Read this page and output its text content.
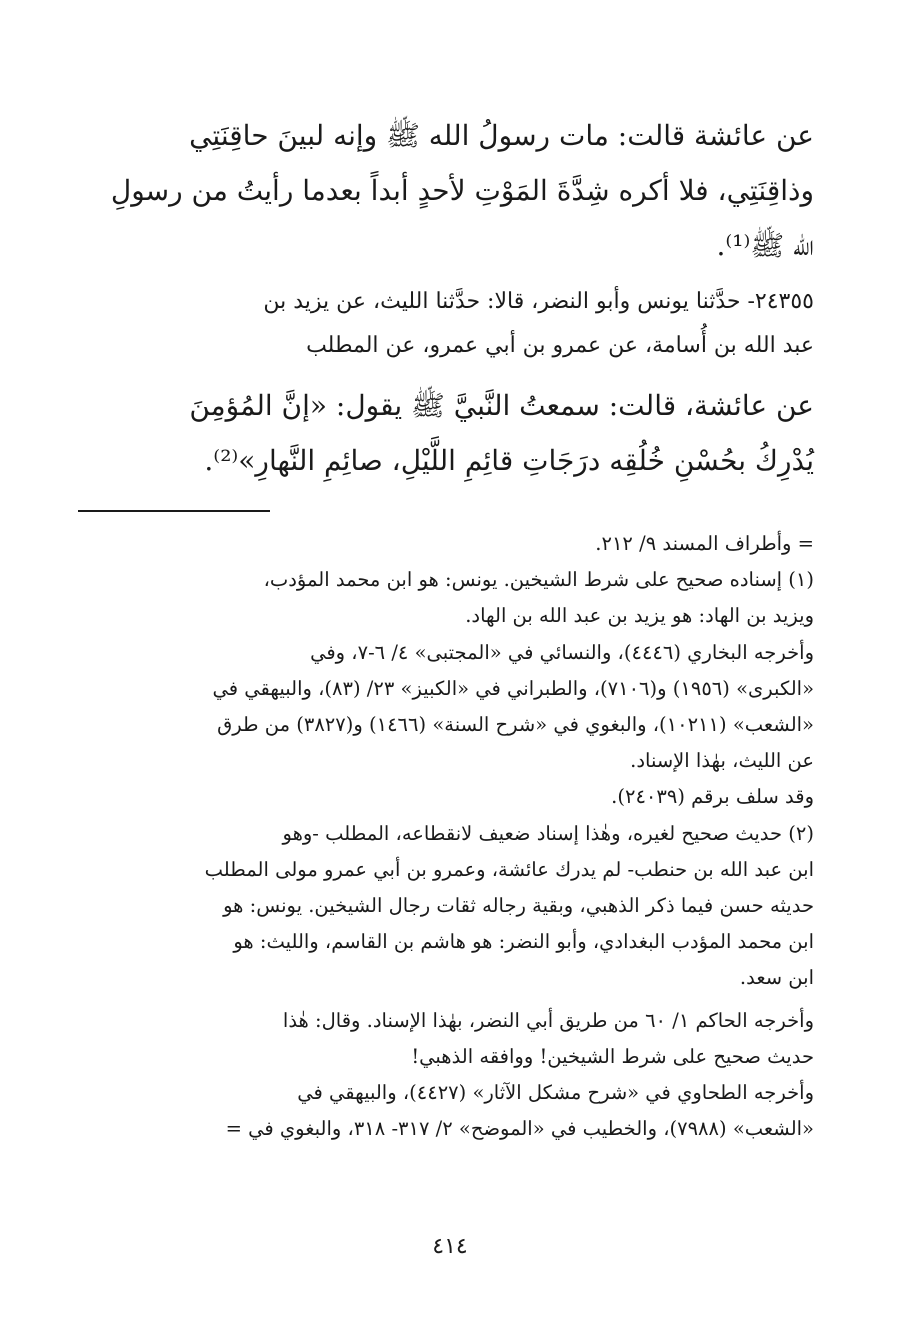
عن عائشة قالت: مات رسولُ الله ﷺ وإنه لبينَ حاقِنَتِي

وذاقِنَتِي، فلا أكره شِدَّةَ المَوْتِ لأحدٍ أبداً بعدما رأيتُ من رسولِ

الله ﷺ⁽¹⁾.

٢٤٣٥٥- حدَّثنا يونس وأبو النضر، قالا: حدَّثنا الليث، عن يزيد بن

عبد الله بن أُسامة، عن عمرو بن أبي عمرو، عن المطلب

عن عائشة، قالت: سمعتُ النَّبيَّ ﷺ يقول: «إنَّ المُؤمِنَ

يُدْرِكُ بحُسْنِ خُلُقِه درَجَاتِ قائِمِ اللَّيْلِ، صائِمِ النَّهارِ»⁽²⁾.

= وأطراف المسند ٩/ ٢١٢.

(١) إسناده صحيح على شرط الشيخين. يونس: هو ابن محمد المؤدب،

ويزيد بن الهاد: هو يزيد بن عبد الله بن الهاد.

وأخرجه البخاري (٤٤٤٦)، والنسائي في «المجتبى» ٤/ ٦-٧، وفي

«الكبرى» (١٩٥٦) و(٧١٠٦)، والطبراني في «الكبيز» ٢٣/ (٨٣)، والبيهقي في

«الشعب» (١٠٢١١)، والبغوي في «شرح السنة» (١٤٦٦) و(٣٨٢٧) من طرق

عن الليث، بهٰذا الإسناد.

وقد سلف برقم (٢٤٠٣٩).

(٢) حديث صحيح لغيره، وهٰذا إسناد ضعيف لانقطاعه، المطلب -وهو

ابن عبد الله بن حنطب- لم يدرك عائشة، وعمرو بن أبي عمرو مولى المطلب

حديثه حسن فيما ذكر الذهبي، وبقية رجاله ثقات رجال الشيخين. يونس: هو

ابن محمد المؤدب البغدادي، وأبو النضر: هو هاشم بن القاسم، والليث: هو

ابن سعد.

وأخرجه الحاكم ١/ ٦٠ من طريق أبي النضر، بهٰذا الإسناد. وقال: هٰذا

حديث صحيح على شرط الشيخين! ووافقه الذهبي!

وأخرجه الطحاوي في «شرح مشكل الآثار» (٤٤٢٧)، والبيهقي في

«الشعب» (٧٩٨٨)، والخطيب في «الموضح» ٢/ ٣١٧- ٣١٨، والبغوي في =

٤١٤
